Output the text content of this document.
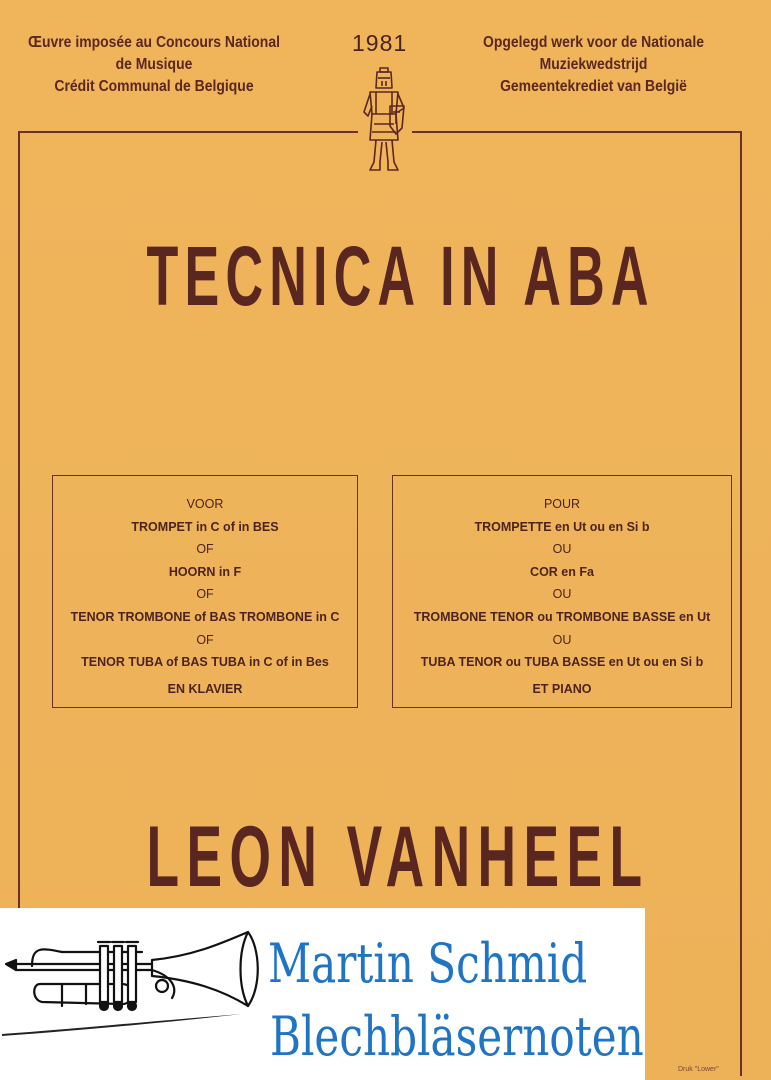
Œuvre imposée au Concours National
de Musique
Crédit Communal de Belgique
1981	Opgelegd werk voor de Nationale
Muziekwedstrijd
Gemeentekrediet van België
TECNICA IN ABA
VOOR
TROMPET in C of in BES
OF
HOORN in F
OF
TENOR TROMBONE of BAS TROMBONE in C
OF
TENOR TUBA of BAS TUBA in C of in Bes
EN KLAVIER
POUR
TROMPETTE en Ut ou en Si b
OU
COR en Fa
OU
TROMBONE TENOR ou TROMBONE BASSE en Ut
OU
TUBA TENOR ou TUBA BASSE en Ut ou en Si b
ET PIANO
LEON VANHEEL
Martin Schmid
Blechbläsernoten
Druk "Lower"
